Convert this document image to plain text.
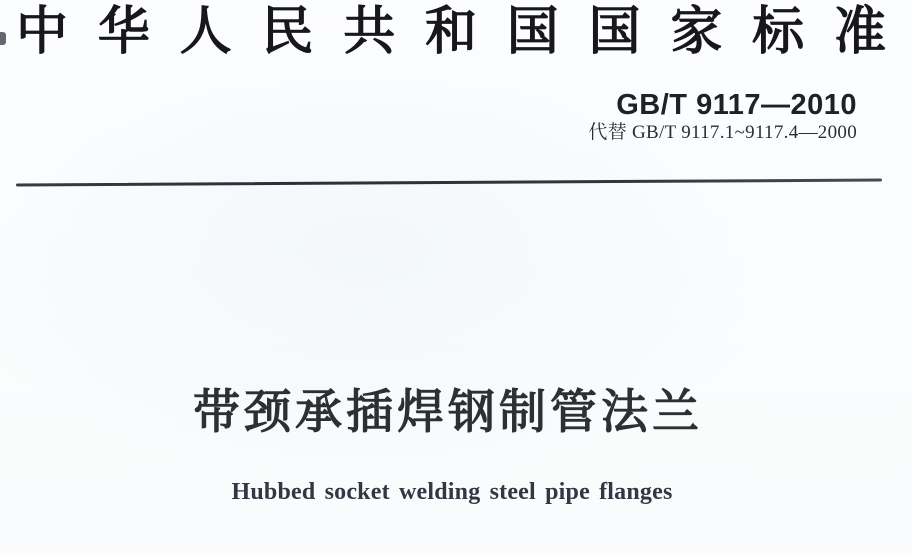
中 华 人 民 共 和 国 国 家 标 准
GB/T 9117—2010
代替 GB/T 9117.1~9117.4—2000
带颈承插焊钢制管法兰
Hubbed socket welding steel pipe flanges
